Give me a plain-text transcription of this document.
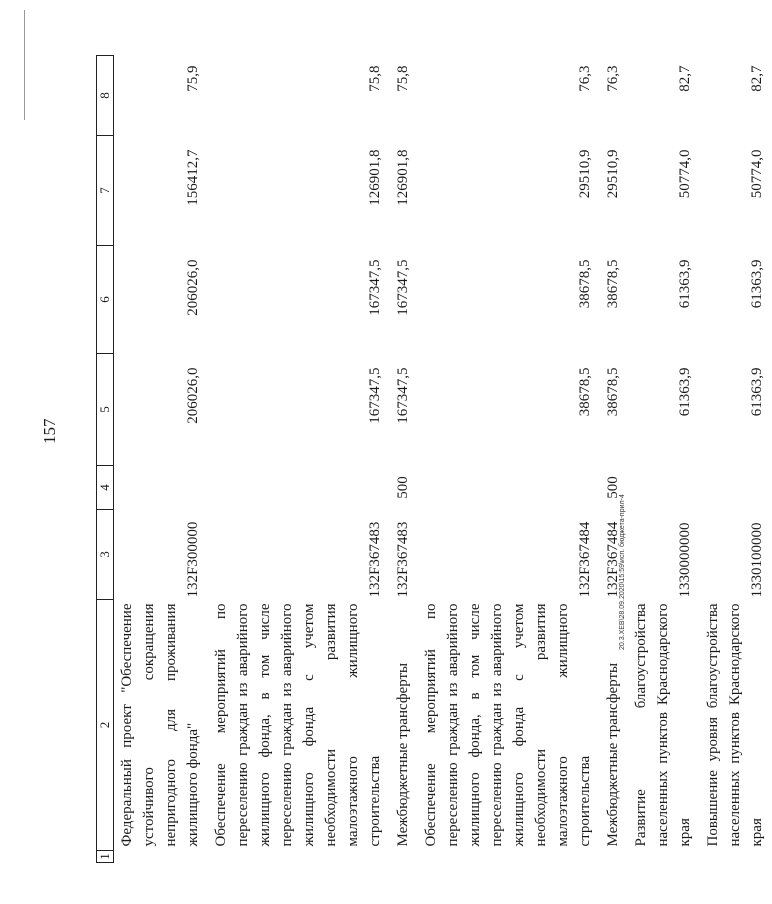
157
20.3.ХЕВ\28.09.2020\15:59\исп. бюджета-прил-4
1	2	3	4	5	6	7	8
	Федеральный проект "Обеспечение устойчивого сокращения непригодного для проживания жилищного фонда"	132F300000		206026,0	206026,0	156412,7	75,9
	Обеспечение мероприятий по переселению граждан из аварийного жилищного фонда, в том числе переселению граждан из аварийного жилищного фонда с учетом необходимости развития малоэтажного жилищного строительства	132F367483		167347,5	167347,5	126901,8	75,8
	Межбюджетные трансферты	132F367483	500	167347,5	167347,5	126901,8	75,8
	Обеспечение мероприятий по переселению граждан из аварийного жилищного фонда, в том числе переселению граждан из аварийного жилищного фонда с учетом необходимости развития малоэтажного жилищного строительства	132F367484		38678,5	38678,5	29510,9	76,3
	Межбюджетные трансферты	132F367484	500	38678,5	38678,5	29510,9	76,3
	Развитие благоустройства населенных пунктов Краснодарского края	1330000000		61363,9	61363,9	50774,0	82,7
	Повышение уровня благоустройства населенных пунктов Краснодарского края	1330100000		61363,9	61363,9	50774,0	82,7
